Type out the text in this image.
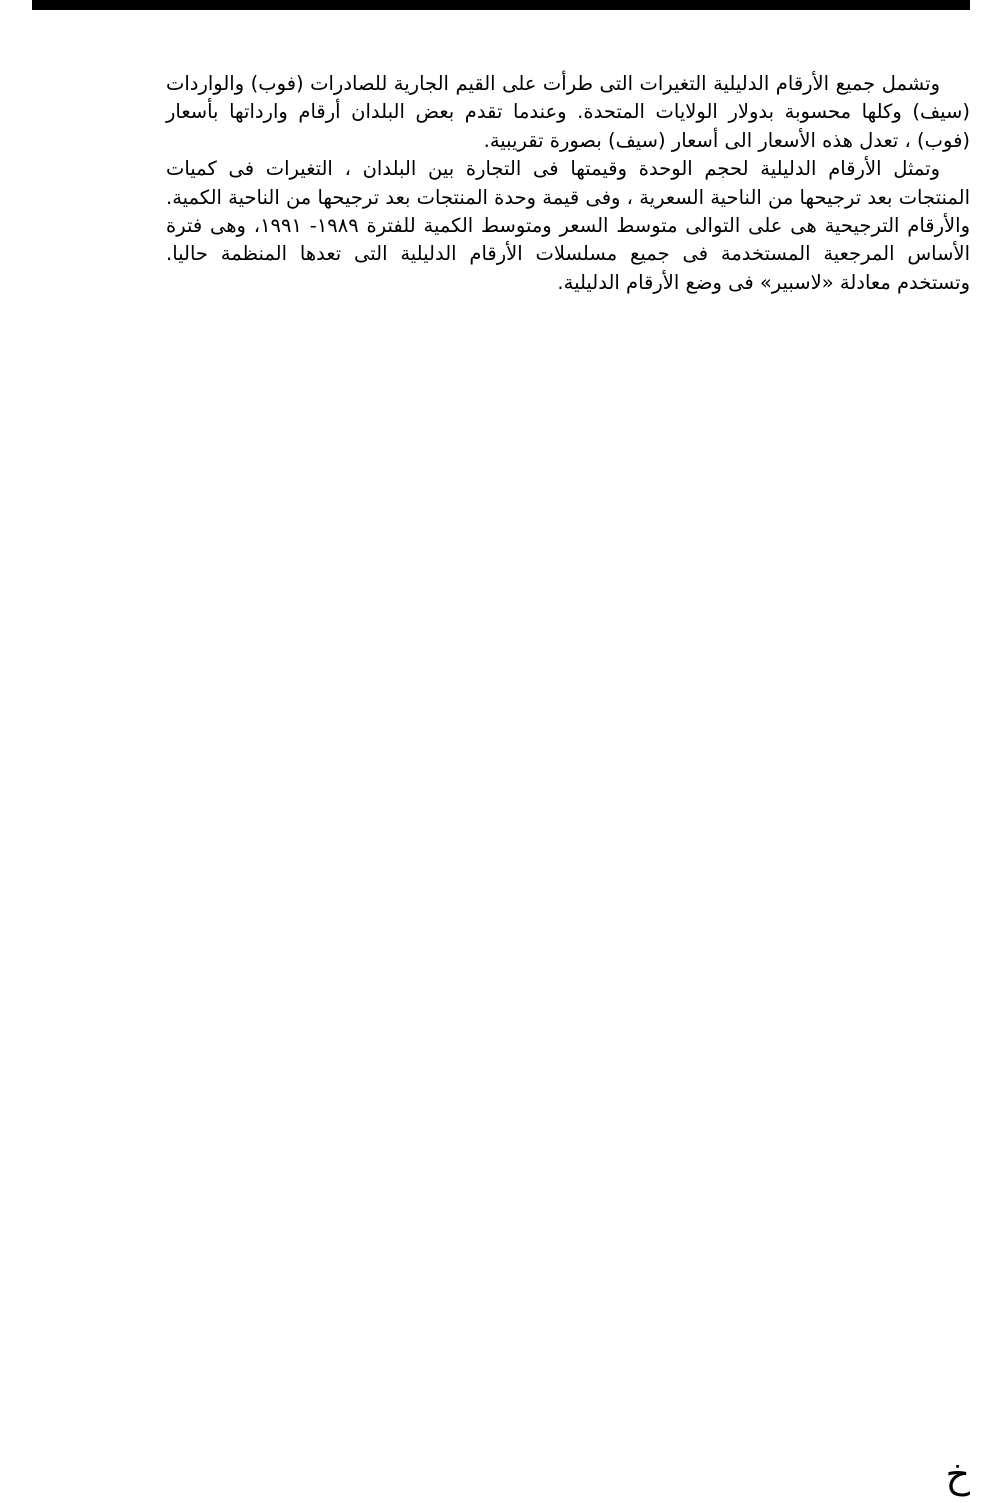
وتشمل جميع الأرقام الدليلية التغيرات التى طرأت على القيم الجارية للصادرات (فوب) والواردات (سيف) وكلها محسوبة بدولار الولايات المتحدة. وعندما تقدم بعض البلدان أرقام وارداتها بأسعار (فوب) ، تعدل هذه الأسعار الى أسعار (سيف) بصورة تقريبية.

وتمثل الأرقام الدليلية لحجم الوحدة وقيمتها فى التجارة بين البلدان ، التغيرات فى كميات المنتجات بعد ترجيحها من الناحية السعرية ، وفى قيمة وحدة المنتجات بعد ترجيحها من الناحية الكمية. والأرقام الترجيحية هى على التوالى متوسط السعر ومتوسط الكمية للفترة ١٩٨٩- ١٩٩١، وهى فترة الأساس المرجعية المستخدمة فى جميع مسلسلات الأرقام الدليلية التى تعدها المنظمة حاليا. وتستخدم معادلة «لاسبير» فى وضع الأرقام الدليلية.

خ
